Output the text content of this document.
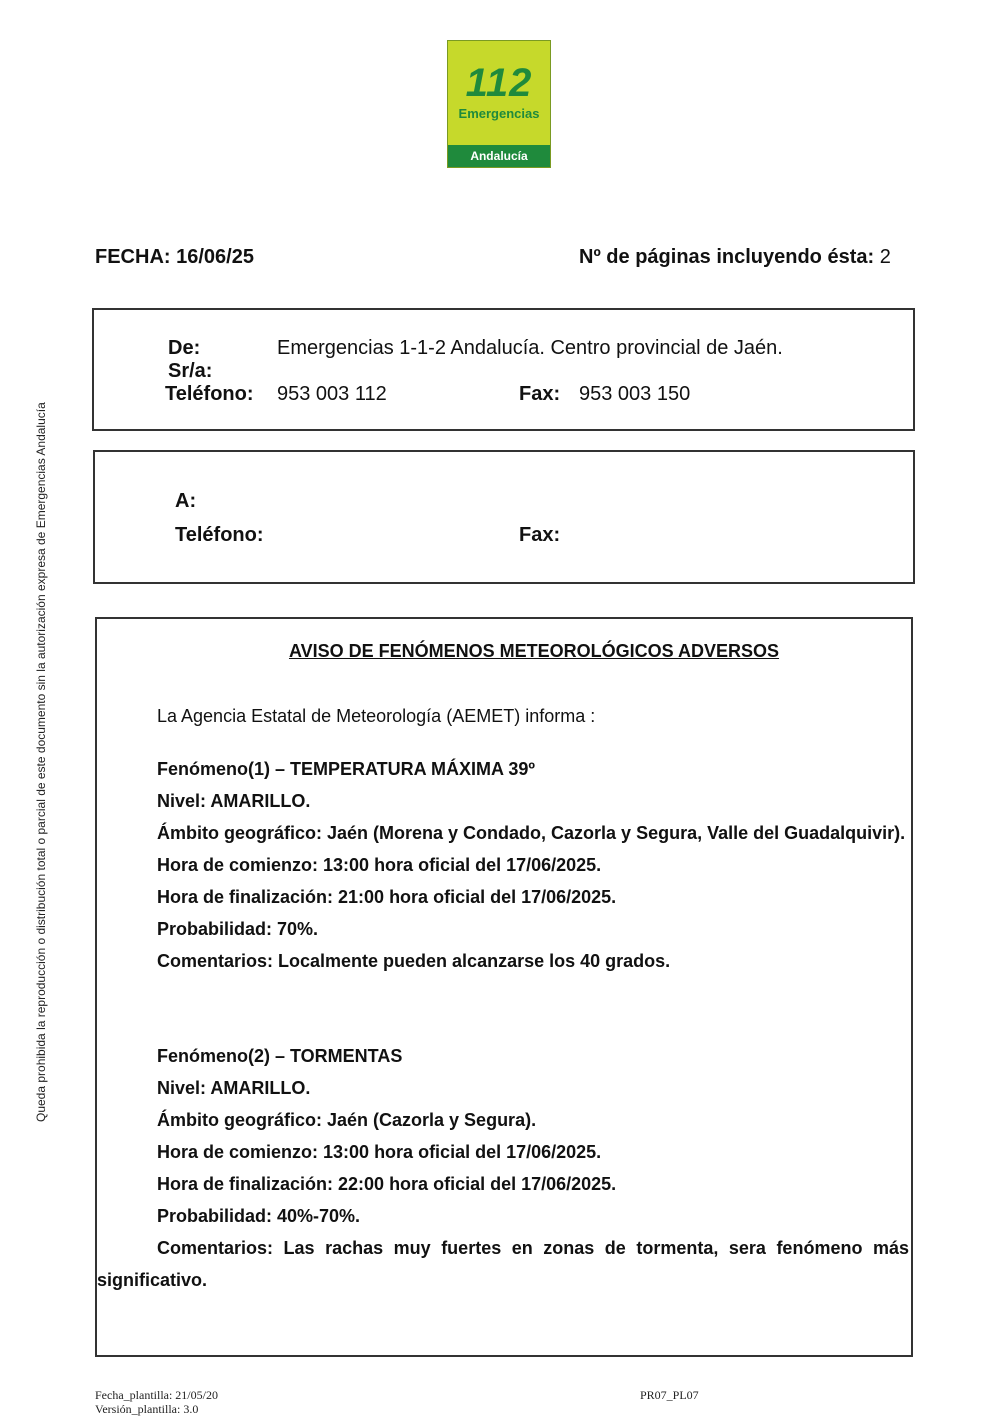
112
Emergencias
Andalucía
FECHA: 16/06/25	Nº de páginas incluyendo ésta: 2
De:	Emergencias 1-1-2 Andalucía. Centro provincial de Jaén.
Sr/a:
Teléfono: 953 003 112	Fax: 953 003 150
A:
Teléfono:	Fax:
Queda prohibida la reproducción o distribución total o parcial de este documento sin la autorización expresa de Emergencias Andalucía	AVISO DE FENÓMENOS METEOROLÓGICOS ADVERSOS
La Agencia Estatal de Meteorología (AEMET) informa :

Fenómeno(1) – TEMPERATURA MÁXIMA 39º

Nivel: AMARILLO.

Ámbito geográfico: Jaén (Morena y Condado, Cazorla y Segura, Valle del Guadalquivir).

Hora de comienzo: 13:00 hora oficial del 17/06/2025.

Hora de finalización: 21:00 hora oficial del 17/06/2025.

Probabilidad: 70%.

Comentarios: Localmente pueden alcanzarse los 40 grados.

Fenómeno(2) – TORMENTAS

Nivel: AMARILLO.

Ámbito geográfico: Jaén (Cazorla y Segura).

Hora de comienzo: 13:00 hora oficial del 17/06/2025.

Hora de finalización: 22:00 hora oficial del 17/06/2025.

Probabilidad: 40%-70%.

Comentarios: Las rachas muy fuertes en zonas de tormenta, sera fenómeno más significativo.

Fecha_plantilla: 21/05/20
Versión_plantilla: 3.0
PR07_PL07
